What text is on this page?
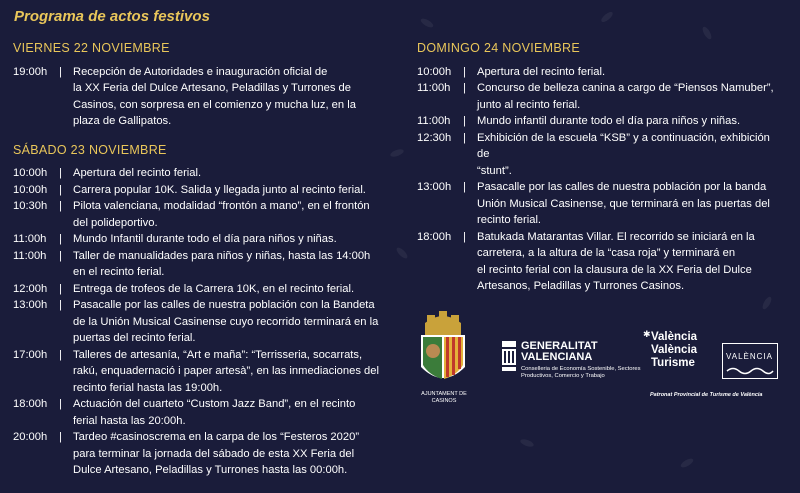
Programa de actos festivos
VIERNES 22 NOVIEMBRE
19:00h	| Recepción de Autoridades e inauguración oficial de
la XX Feria del Dulce Artesano, Peladillas y Turrones de
Casinos, con sorpresa en el comienzo y mucha luz, en la
plaza de Gallipatos.
SÁBADO 23 NOVIEMBRE
10:00h	| Apertura del recinto ferial.
10:00h	| Carrera popular 10K. Salida y llegada junto al recinto ferial.
10:30h	| Pilota valenciana, modalidad “frontón a mano”, en el frontón
del polideportivo.
11:00h	| Mundo Infantil durante todo el día para niños y niñas.
11:00h	| Taller de manualidades para niños y niñas, hasta las 14:00h
en el recinto ferial.
12:00h	| Entrega de trofeos de la Carrera 10K, en el recinto ferial.
13:00h	| Pasacalle por las calles de nuestra población con la Bandeta
de la Unión Musical Casinense cuyo recorrido terminará en la
puertas del recinto ferial.
17:00h	| Talleres de artesanía, “Art e maña”: “Terrisseria, socarrats,
rakú, enquadernació i paper artesà”, en las inmediaciones del
recinto ferial hasta las 19:00h.
18:00h	| Actuación del cuarteto “Custom Jazz Band”, en el recinto
ferial hasta las 20:00h.
20:00h	| Tardeo #casinoscrema en la carpa de los “Festeros 2020”
para terminar la jornada del sábado de esta XX Feria del
Dulce Artesano, Peladillas y Turrones hasta las 00:00h.
DOMINGO 24 NOVIEMBRE
10:00h	| Apertura del recinto ferial.
11:00h	| Concurso de belleza canina a cargo de “Piensos Namuber”,
junto al recinto ferial.
11:00h	| Mundo infantil durante todo el día para niños y niñas.
12:30h	| Exhibición de la escuela “KSB” y a continuación, exhibición de
“stunt”.
13:00h	| Pasacalle por las calles de nuestra población por la banda
Unión Musical Casinense, que terminará en las puertas del
recinto ferial.
18:00h	| Batukada Matarantas Villar. El recorrido se iniciará en la
carretera, a la altura de la “casa roja” y terminará en
el recinto ferial con la clausura de la XX Feria del Dulce
Artesanos, Peladillas y Turrones Casinos.
AJUNTAMENT DE CASINOS
GENERALITAT
VALENCIANA
Conselleria de Economía Sostenible, Sectores Productivos, Comercio y Trabajo
✱ València
València
Turisme
VALÈNCIA
Patronat Provincial de Turisme de València
